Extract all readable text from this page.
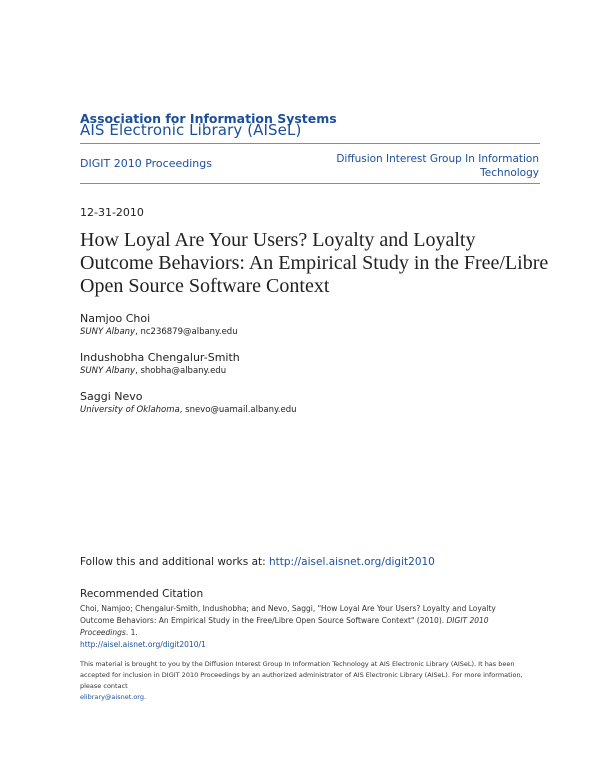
Association for Information Systems
AIS Electronic Library (AISeL)
DIGIT 2010 Proceedings	Diffusion Interest Group In Information
Technology
12-31-2010
How Loyal Are Your Users? Loyalty and Loyalty Outcome Behaviors: An Empirical Study in the Free/Libre Open Source Software Context
Namjoo Choi
SUNY Albany, nc236879@albany.edu
Indushobha Chengalur-Smith
SUNY Albany, shobha@albany.edu
Saggi Nevo
University of Oklahoma, snevo@uamail.albany.edu
Follow this and additional works at: http://aisel.aisnet.org/digit2010
Recommended Citation
Choi, Namjoo; Chengalur-Smith, Indushobha; and Nevo, Saggi, "How Loyal Are Your Users? Loyalty and Loyalty Outcome Behaviors: An Empirical Study in the Free/Libre Open Source Software Context" (2010). DIGIT 2010 Proceedings. 1.
http://aisel.aisnet.org/digit2010/1
This material is brought to you by the Diffusion Interest Group In Information Technology at AIS Electronic Library (AISeL). It has been accepted for inclusion in DIGIT 2010 Proceedings by an authorized administrator of AIS Electronic Library (AISeL). For more information, please contact
elibrary@aisnet.org.
